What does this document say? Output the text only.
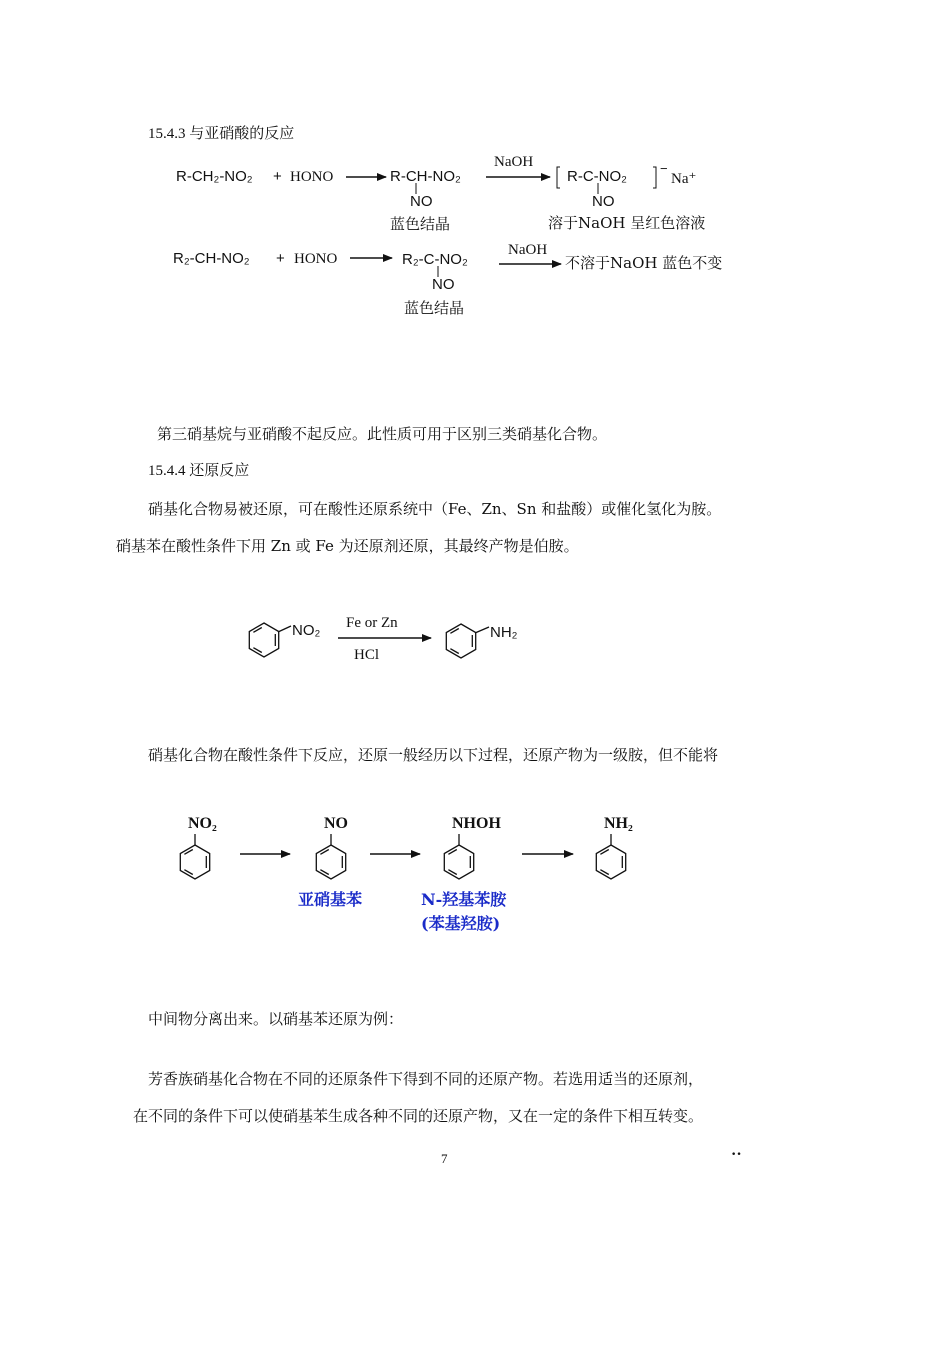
15.4.3 与亚硝酸的反应
R-CH₂-NO₂ + HONO	R-CH-NO₂
NO
蓝色结晶
NaOH
R-C-NO₂
NO
−
Na⁺
溶于NaOH 呈红色溶液
R₂-CH-NO₂ + HONO	R₂-C-NO₂
NO
蓝色结晶
NaOH
不溶于NaOH 蓝色不变
第三硝基烷与亚硝酸不起反应。此性质可用于区别三类硝基化合物。
15.4.4 还原反应
硝基化合物易被还原，可在酸性还原系统中（Fe、Zn、Sn 和盐酸）或催化氢化为胺。
硝基苯在酸性条件下用 Zn 或 Fe 为还原剂还原，其最终产物是伯胺。
NO₂ Fe or Zn
HCl
NH₂
硝基化合物在酸性条件下反应，还原一般经历以下过程，还原产物为一级胺，但不能将
NO₂	NO	NHOH	NH₂
亚硝基苯	N-羟基苯胺
(苯基羟胺)
中间物分离出来。以硝基苯还原为例：
芳香族硝基化合物在不同的还原条件下得到不同的还原产物。若选用适当的还原剂，
在不同的条件下可以使硝基苯生成各种不同的还原产物，又在一定的条件下相互转变。
7	··
